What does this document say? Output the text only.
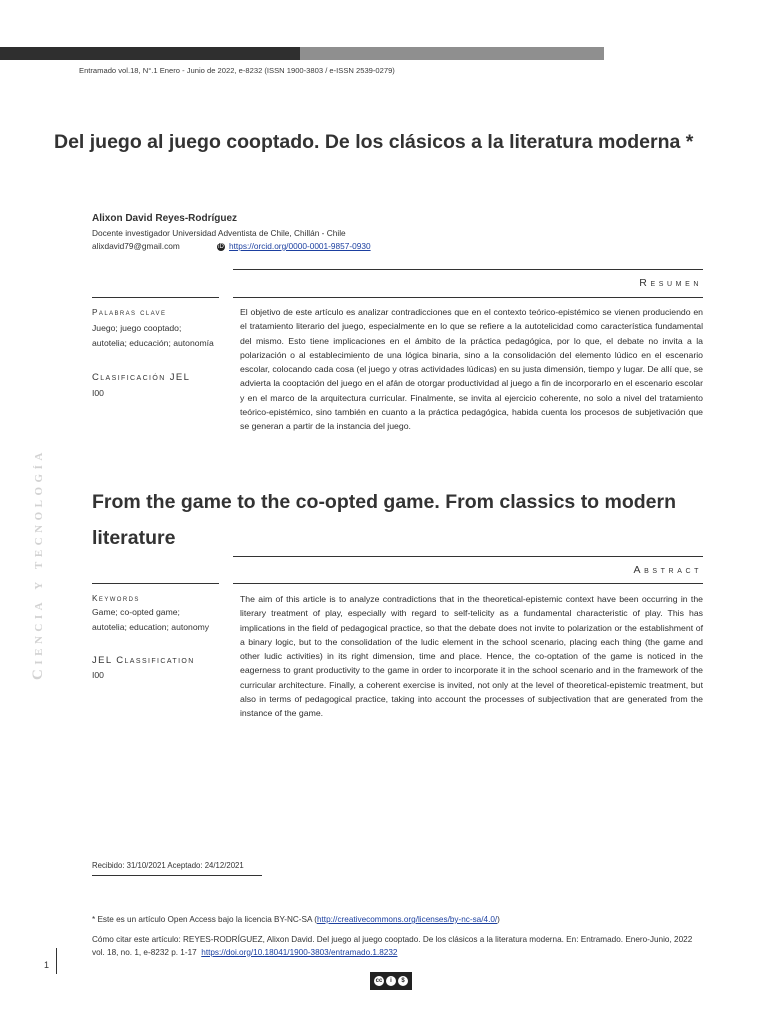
Entramado vol.18, N°.1 Enero - Junio de 2022, e-8232 (ISSN 1900-3803 / e-ISSN 2539-0279)
Del juego al juego cooptado. De los clásicos a la literatura moderna *
Alixon David Reyes-Rodríguez
Docente investigador Universidad Adventista de Chile, Chillán - Chile
alixdavid79@gmail.com	iD https://orcid.org/0000-0001-9857-0930
Resumen
Palabras clave
Juego; juego cooptado; autotelia; educación; autonomía
Clasificación JEL
I00

El objetivo de este artículo es analizar contradicciones que en el contexto teórico-epistémico se vienen produciendo en el tratamiento literario del juego, especialmente en lo que se refiere a la autotelicidad como característica fundamental del mismo. Esto tiene implicaciones en el ámbito de la práctica pedagógica, por lo que, el debate no invita a la polarización o al establecimiento de una lógica binaria, sino a la consolidación del elemento lúdico en el escenario escolar, colocando cada cosa (el juego y otras actividades lúdicas) en su justa dimensión, tiempo y lugar. De allí que, se advierta la cooptación del juego en el afán de otorgar productividad al juego a fin de incorporarlo en el escenario escolar y en el marco de la arquitectura curricular. Finalmente, se invita al ejercicio coherente, no solo a nivel del tratamiento teórico-epistémico, sino también en cuanto a la práctica pedagógica, habida cuenta los procesos de subjetivación que se generan a partir de la instancia del juego.

From the game to the co-opted game. From classics to modern literature
Abstract
Keywords
Game; co-opted game; autotelia; education; autonomy
JEL Classification
I00

The aim of this article is to analyze contradictions that in the theoretical-epistemic context have been occurring in the literary treatment of play, especially with regard to self-telicity as a fundamental characteristic of play. This has implications in the field of pedagogical practice, so that the debate does not invite to polarization or the establishment of a binary logic, but to the consolidation of the ludic element in the school scenario, placing each thing (the game and other ludic activities) in its right dimension, time and place. Hence, the co-optation of the game is noticed in the eagerness to grant productivity to the game in order to incorporate it in the school scenario and in the framework of the curricular architecture. Finally, a coherent exercise is invited, not only at the level of theoretical-epistemic treatment, but also in terms of pedagogical practice, taking into account the processes of subjectivation that are generated from the instance of the game.

Ciencia y tecnología
Recibido: 31/10/2021 Aceptado: 24/12/2021
* Este es un artículo Open Access bajo la licencia BY-NC-SA (http://creativecommons.org/licenses/by-nc-sa/4.0/)
Cómo citar este artículo: REYES-RODRÍGUEZ, Alixon David. Del juego al juego cooptado. De los clásicos a la literatura moderna. En: Entramado. Enero-Junio, 2022 vol. 18, no. 1, e-8232 p. 1-17 https://doi.org/10.18041/1900-3803/entramado.1.8232
1
cc	i	$
